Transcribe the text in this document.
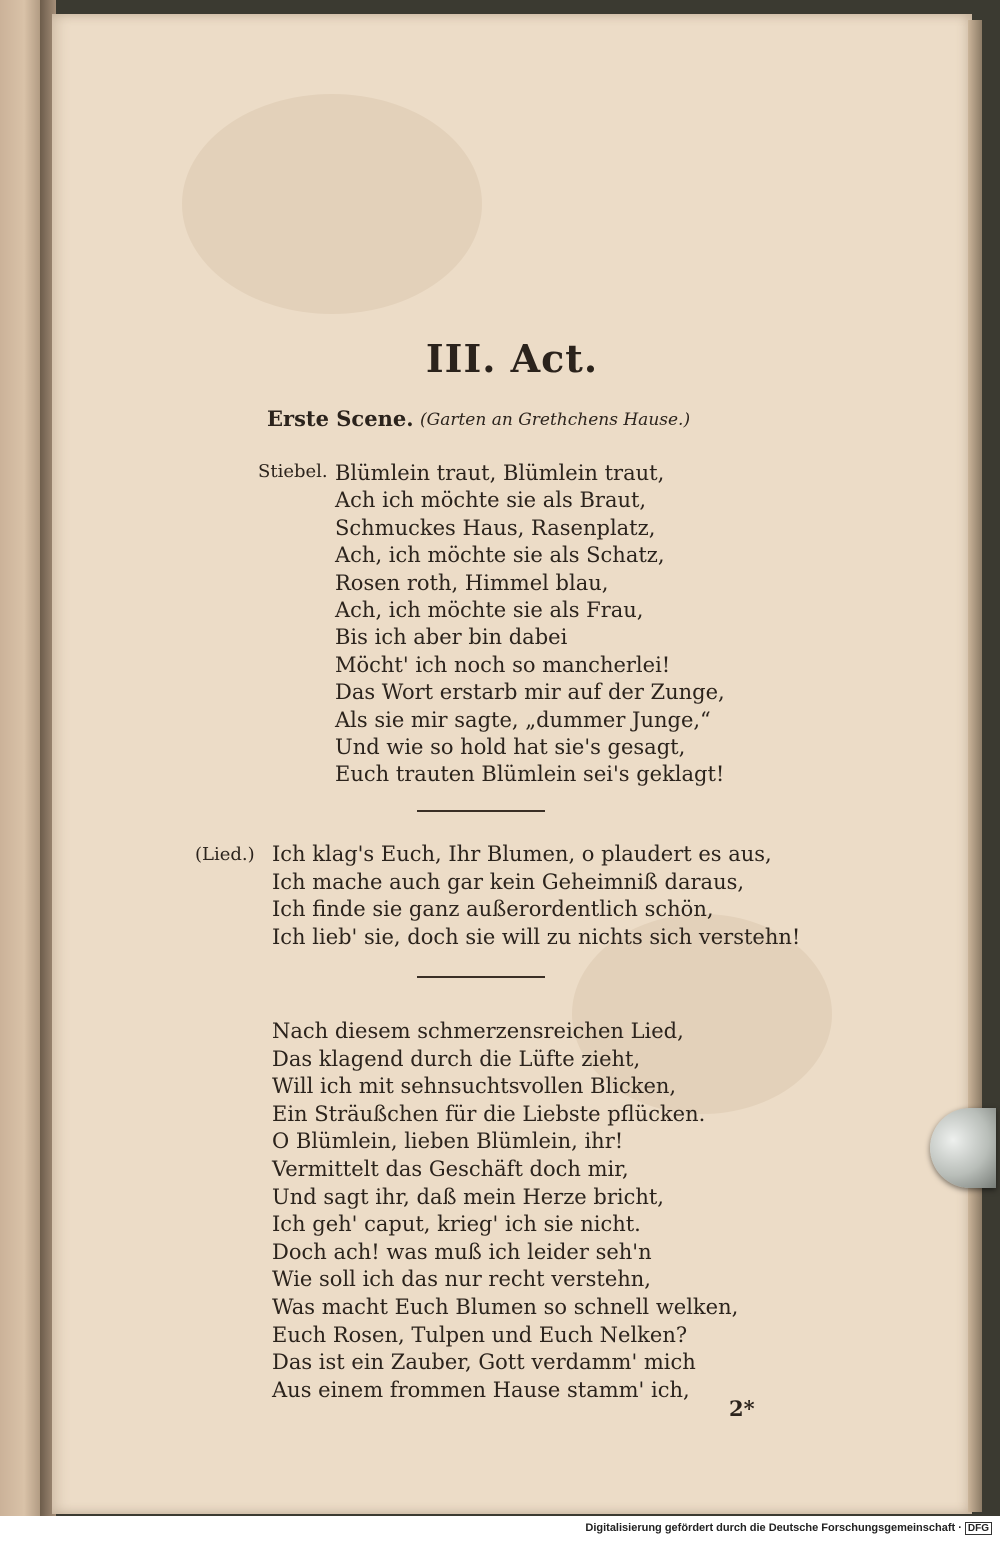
III. Act.
Erste Scene. (Garten an Grethchens Hause.)
Stiebel. Blümlein traut, Blümlein traut,
Ach ich möchte sie als Braut,
Schmuckes Haus, Rasenplatz,
Ach, ich möchte sie als Schatz,
Rosen roth, Himmel blau,
Ach, ich möchte sie als Frau,
Bis ich aber bin dabei
Möcht' ich noch so mancherlei!
Das Wort erstarb mir auf der Zunge,
Als sie mir sagte, „dummer Junge,“
Und wie so hold hat sie's gesagt,
Euch trauten Blümlein sei's geklagt!
(Lied.) Ich klag's Euch, Ihr Blumen, o plaudert es aus,
Ich mache auch gar kein Geheimniß daraus,
Ich finde sie ganz außerordentlich schön,
Ich lieb' sie, doch sie will zu nichts sich verstehn!
Nach diesem schmerzensreichen Lied,
Das klagend durch die Lüfte zieht,
Will ich mit sehnsuchtsvollen Blicken,
Ein Sträußchen für die Liebste pflücken.
O Blümlein, lieben Blümlein, ihr!
Vermittelt das Geschäft doch mir,
Und sagt ihr, daß mein Herze bricht,
Ich geh' caput, krieg' ich sie nicht.
Doch ach! was muß ich leider seh'n
Wie soll ich das nur recht verstehn,
Was macht Euch Blumen so schnell welken,
Euch Rosen, Tulpen und Euch Nelken?
Das ist ein Zauber, Gott verdamm' mich
Aus einem frommen Hause stamm' ich,
2*
Digitalisierung gefördert durch die Deutsche Forschungsgemeinschaft · DFG
